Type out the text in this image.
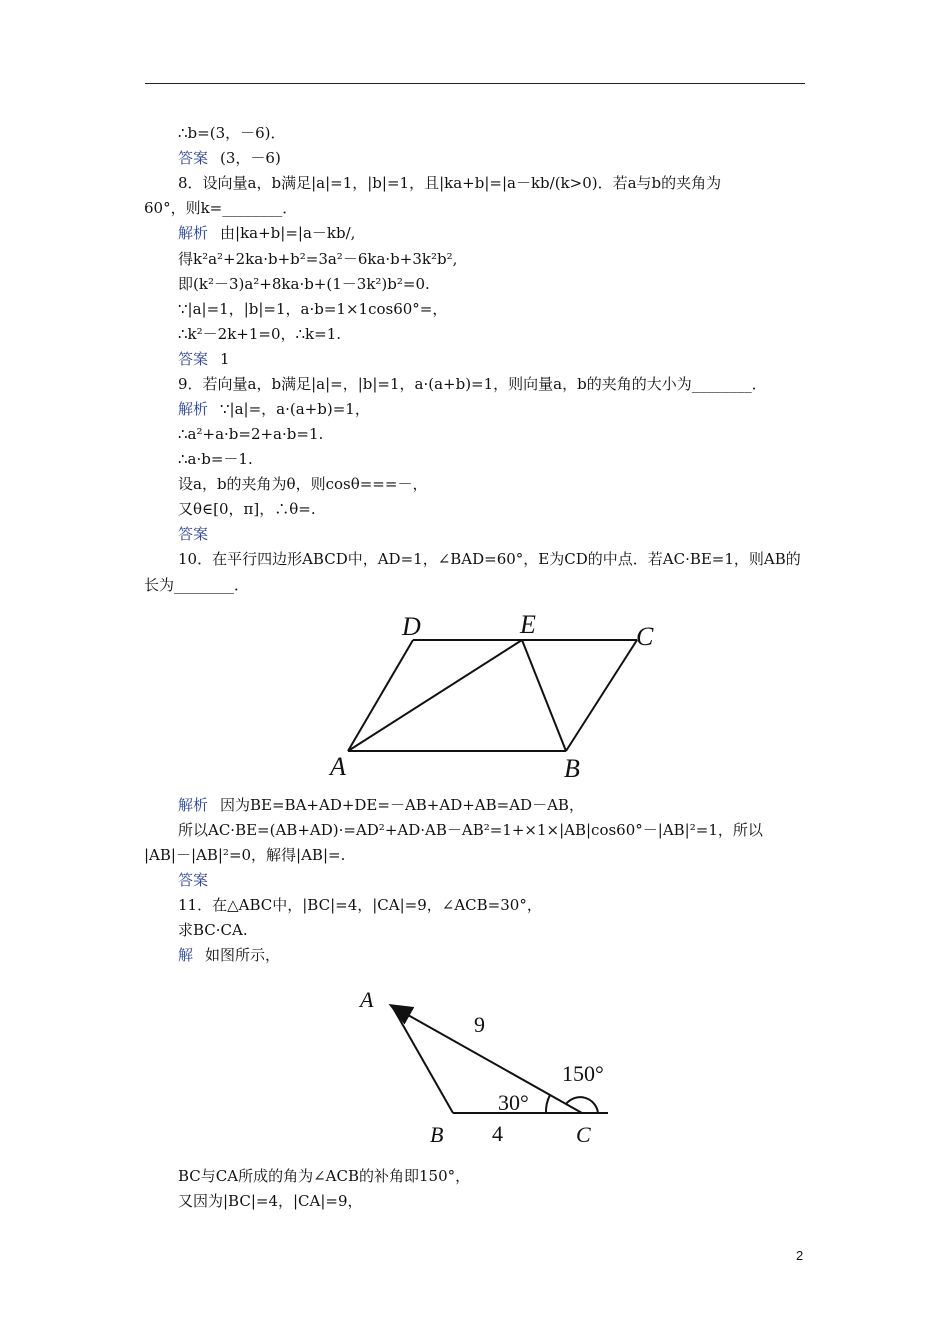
∴b=(3，－6)．
答案 (3，－6)
8．设向量a，b满足|a|=1，|b|=1，且|ka+b|=|a－kb/(k>0)．若a与b的夹角为
60°，则k=________．
解析 由|ka+b|=|a－kb/,
得k²a²+2ka·b+b²=3a²－6ka·b+3k²b²,
即(k²－3)a²+8ka·b+(1－3k²)b²=0.
∵|a|=1，|b|=1，a·b=1×1cos60°=，
∴k²－2k+1=0，∴k=1.
答案 1
9．若向量a，b满足|a|=，|b|=1，a·(a+b)=1，则向量a，b的夹角的大小为________．
解析 ∵|a|=，a·(a+b)=1，
∴a²+a·b=2+a·b=1.
∴a·b=－1.
设a，b的夹角为θ，则cosθ===－，
又θ∈[0，π]，∴θ=.
答案
10．在平行四边形ABCD中，AD=1，∠BAD=60°，E为CD的中点．若AC·BE=1，则AB的
长为________．
D	E	C
A	B
解析 因为BE=BA+AD+DE=－AB+AD+AB=AD－AB，
所以AC·BE=(AB+AD)·=AD²+AD·AB－AB²=1+×1×|AB|cos60°－|AB|²=1，所以
|AB|－|AB|²=0，解得|AB|=.
答案
11．在△ABC中，|BC|=4，|CA|=9，∠ACB=30°，
求BC·CA.
解 如图所示，
A
B	C
9
4
30°
150°
BC与CA所成的角为∠ACB的补角即150°，
又因为|BC|=4，|CA|=9，
2
